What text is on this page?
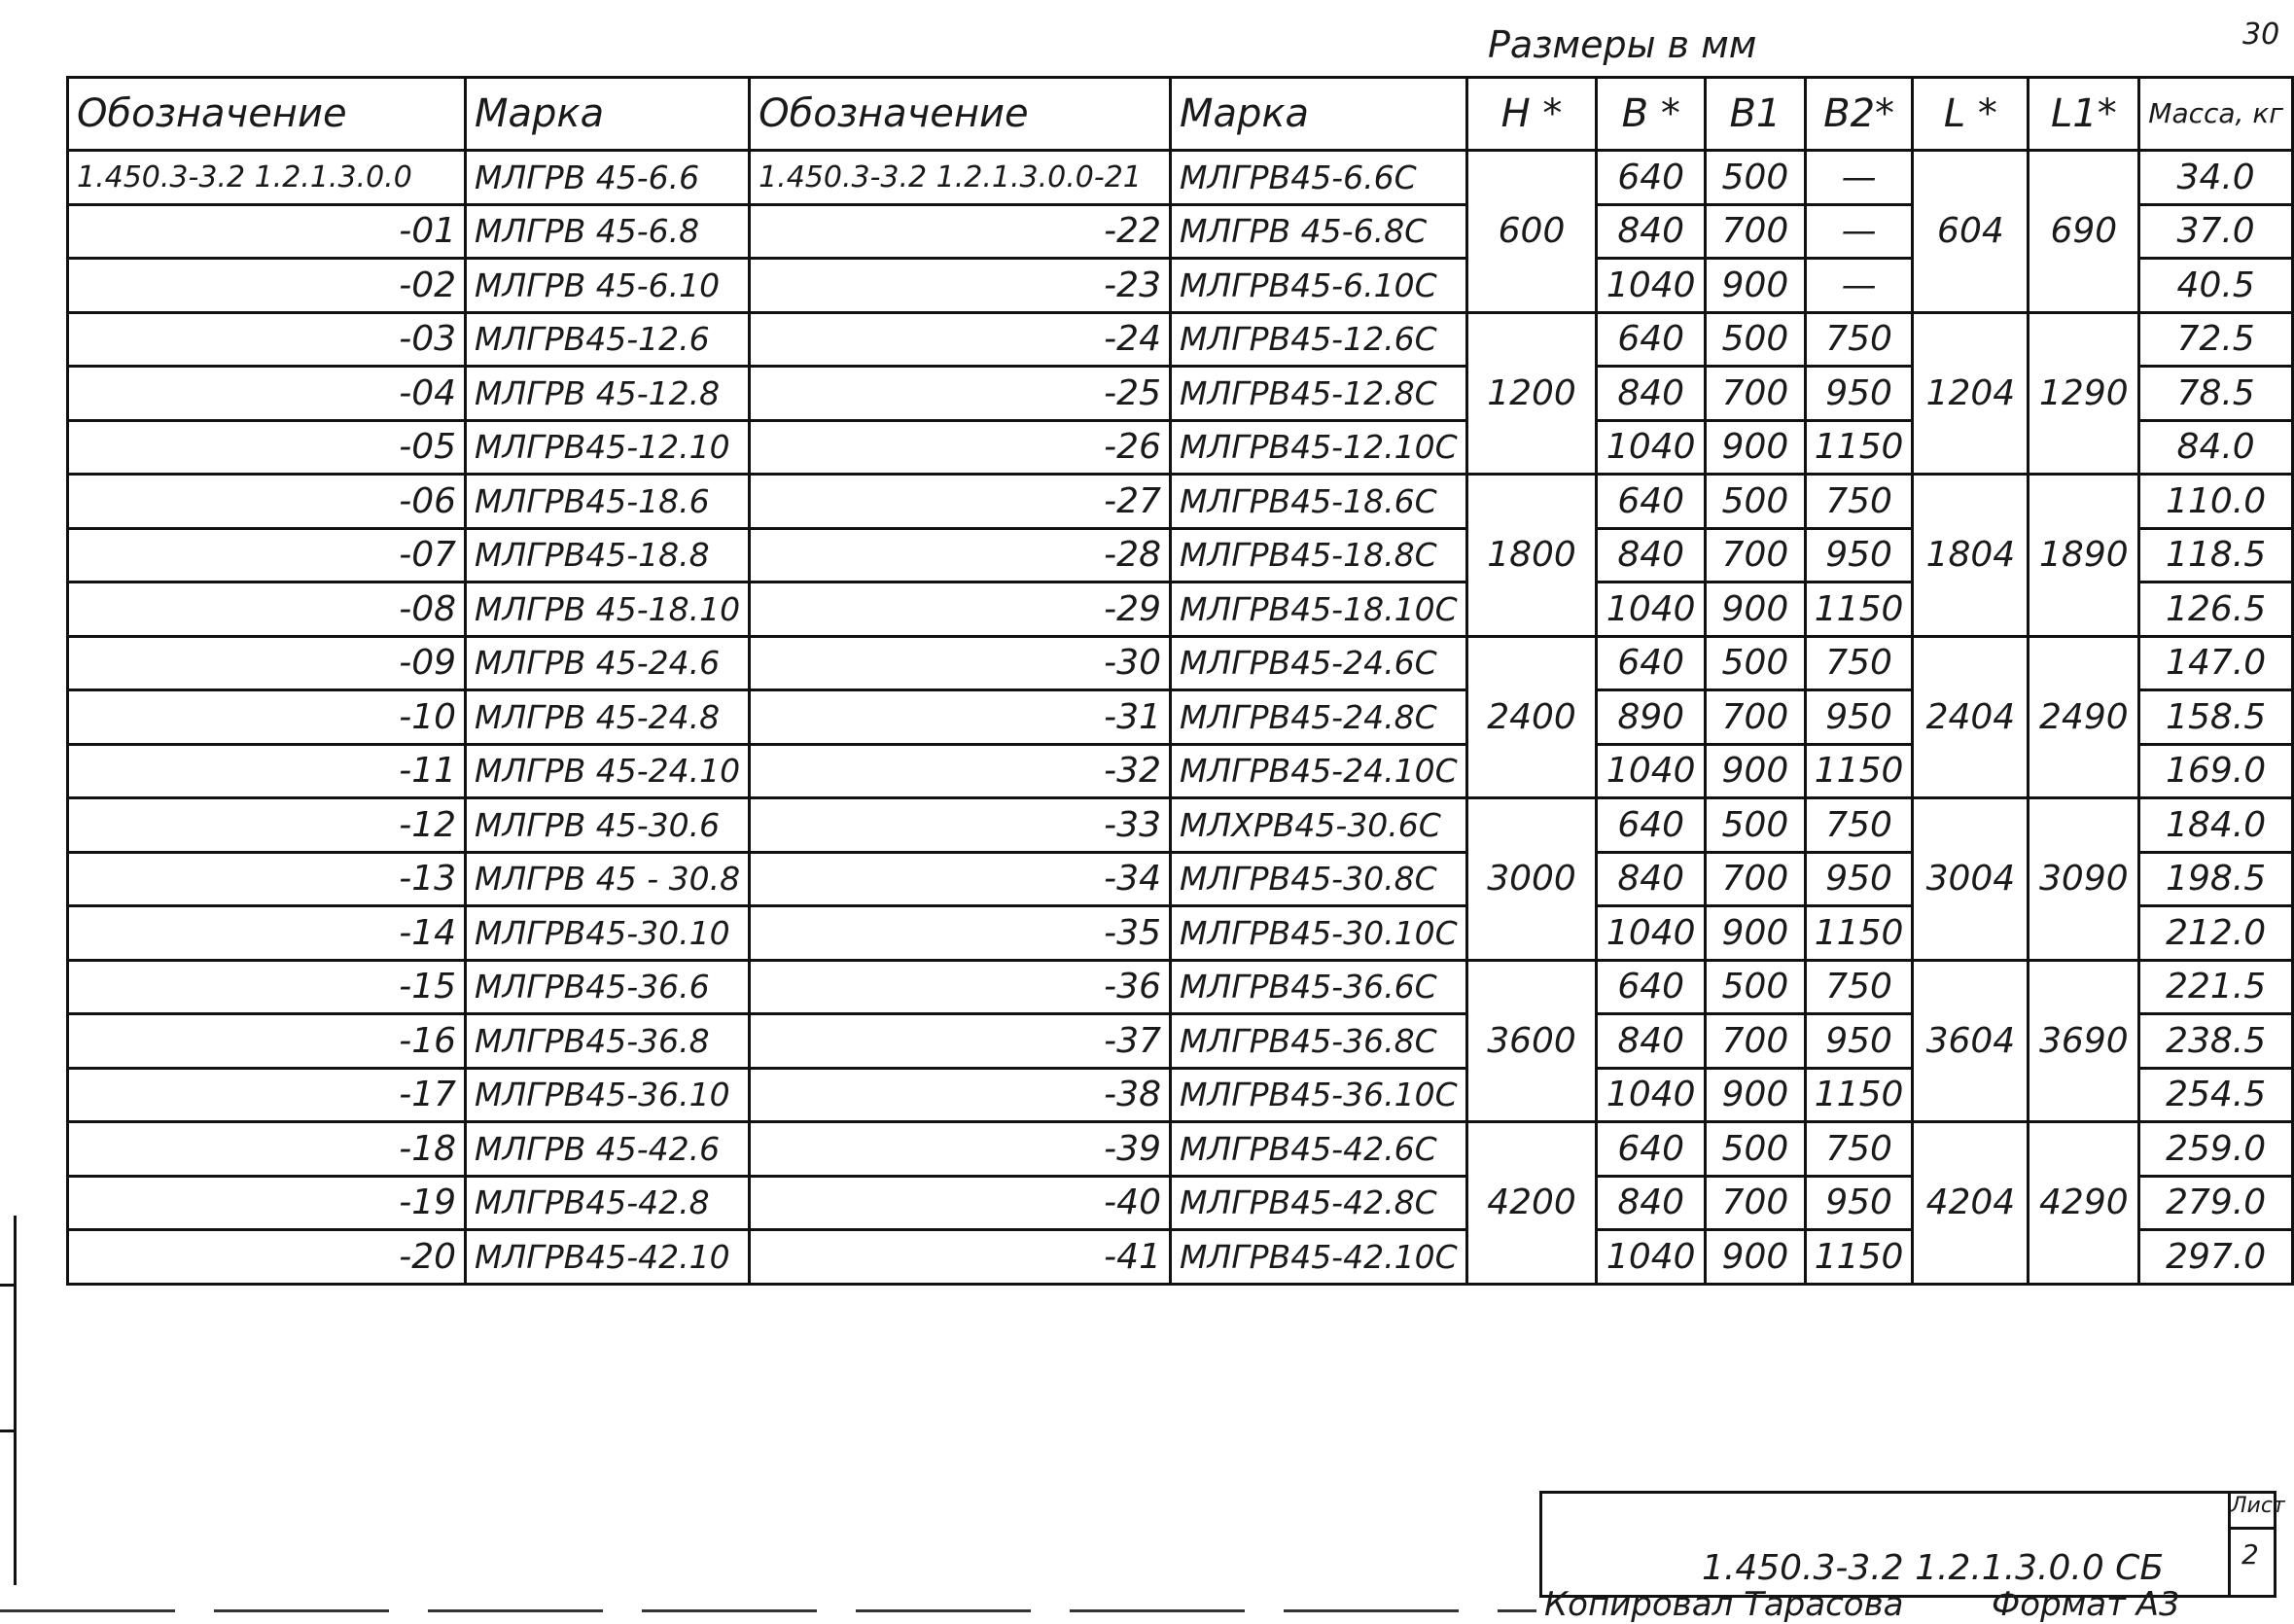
30
Размеры в мм
Обозначение	Марка	Обозначение	Марка	H *	B *	B1	B2*	L *	L1*	Масса, кг
1.450.3-3.2 1.2.1.3.0.0	МЛГРВ 45-6.6	1.450.3-3.2 1.2.1.3.0.0-21	МЛГРВ45-6.6С	600	640	500	—	604	690	34.0
-01	МЛГРВ 45-6.8	-22	МЛГРВ 45-6.8С		840	700	—			37.0
-02	МЛГРВ 45-6.10	-23	МЛГРВ45-6.10С		1040	900	—			40.5
-03	МЛГРВ45-12.6	-24	МЛГРВ45-12.6С	1200	640	500	750	1204	1290	72.5
-04	МЛГРВ 45-12.8	-25	МЛГРВ45-12.8С		840	700	950			78.5
-05	МЛГРВ45-12.10	-26	МЛГРВ45-12.10С		1040	900	1150			84.0
-06	МЛГРВ45-18.6	-27	МЛГРВ45-18.6С	1800	640	500	750	1804	1890	110.0
-07	МЛГРВ45-18.8	-28	МЛГРВ45-18.8С		840	700	950			118.5
-08	МЛГРВ 45-18.10	-29	МЛГРВ45-18.10С		1040	900	1150			126.5
-09	МЛГРВ 45-24.6	-30	МЛГРВ45-24.6С	2400	640	500	750	2404	2490	147.0
-10	МЛГРВ 45-24.8	-31	МЛГРВ45-24.8С		890	700	950			158.5
-11	МЛГРВ 45-24.10	-32	МЛГРВ45-24.10С		1040	900	1150			169.0
-12	МЛГРВ 45-30.6	-33	МЛХРВ45-30.6С	3000	640	500	750	3004	3090	184.0
-13	МЛГРВ 45 - 30.8	-34	МЛГРВ45-30.8С		840	700	950			198.5
-14	МЛГРВ45-30.10	-35	МЛГРВ45-30.10С		1040	900	1150			212.0
-15	МЛГРВ45-36.6	-36	МЛГРВ45-36.6С	3600	640	500	750	3604	3690	221.5
-16	МЛГРВ45-36.8	-37	МЛГРВ45-36.8С		840	700	950			238.5
-17	МЛГРВ45-36.10	-38	МЛГРВ45-36.10С		1040	900	1150			254.5
-18	МЛГРВ 45-42.6	-39	МЛГРВ45-42.6С	4200	640	500	750	4204	4290	259.0
-19	МЛГРВ45-42.8	-40	МЛГРВ45-42.8С		840	700	950			279.0
-20	МЛГРВ45-42.10	-41	МЛГРВ45-42.10С		1040	900	1150			297.0
1.450.3-3.2 1.2.1.3.0.0 СБ
Лист
2
Копировал Тарасова	Формат А3
